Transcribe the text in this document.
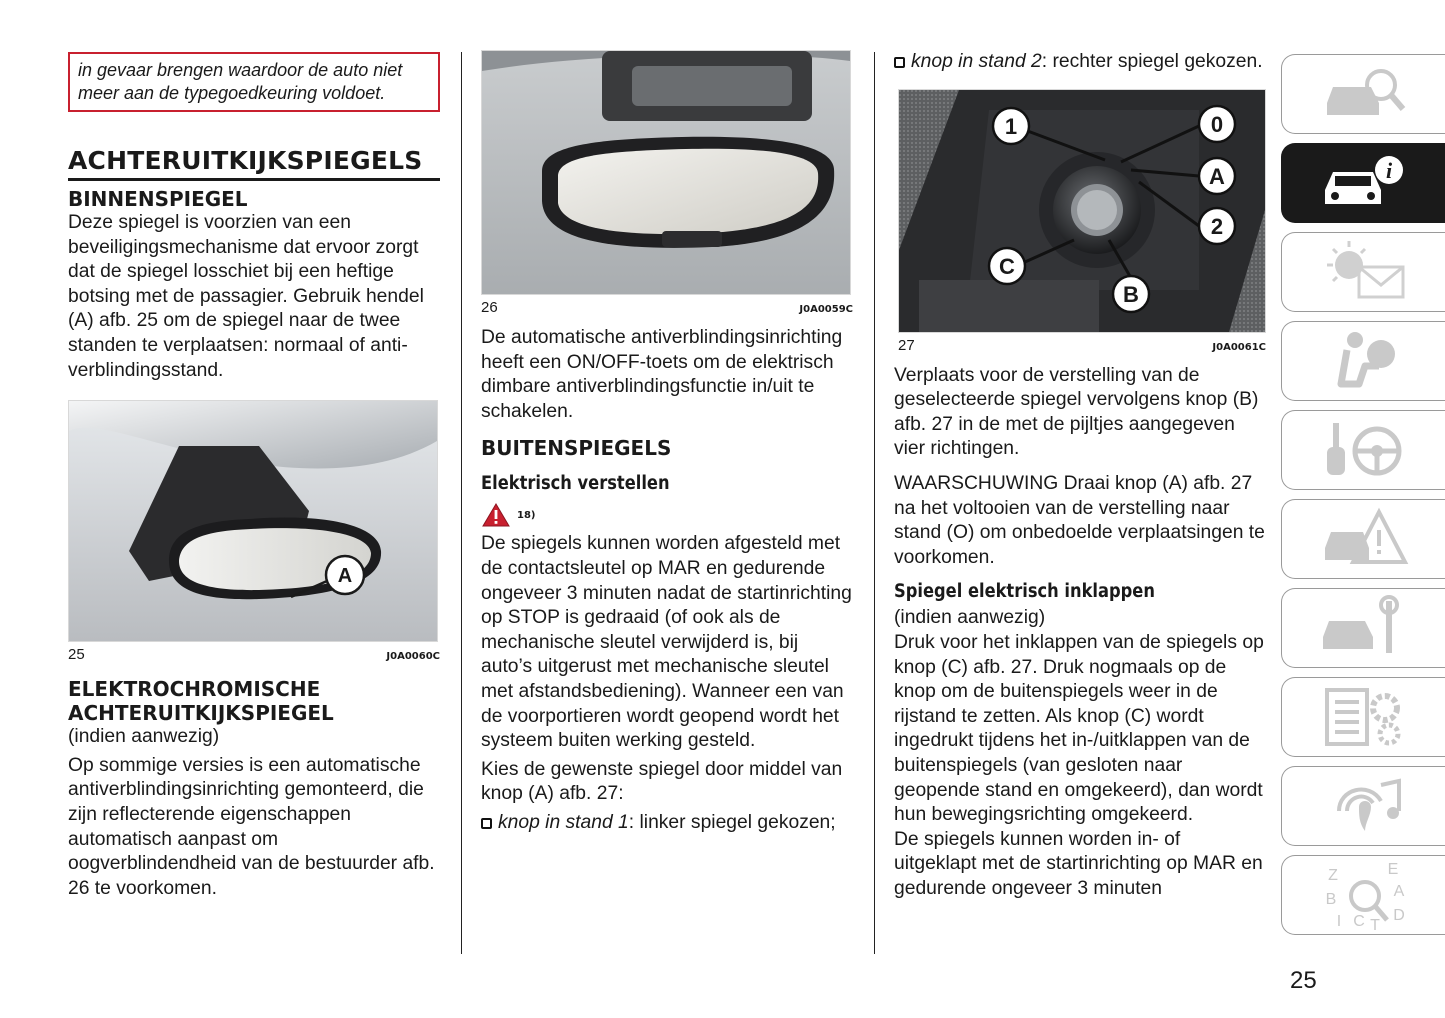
in gevaar brengen waardoor de auto niet meer aan de typegoedkeuring voldoet.
ACHTERUITKIJKSPIEGELS
BINNENSPIEGEL

Deze spiegel is voorzien van een beveiligingsmechanisme dat ervoor zorgt dat de spiegel losschiet bij een heftige botsing met de passagier. Gebruik hendel (A) afb. 25 om de spiegel naar de twee standen te verplaatsen: normaal of anti-verblindingsstand.

A
25	J0A0060C
ELEKTROCHROMISCHE
ACHTERUITKIJKSPIEGEL

(indien aanwezig)

Op sommige versies is een automatische antiverblindingsinrichting gemonteerd, die zijn reflecterende eigenschappen automatisch aanpast om oogverblindendheid van de bestuurder afb. 26 te voorkomen.

26	J0A0059C

De automatische antiverblindingsinrichting heeft een ON/OFF-toets om de elektrisch dimbare antiverblindingsfunctie in/uit te schakelen.

BUITENSPIEGELS
Elektrisch verstellen
18)

De spiegels kunnen worden afgesteld met de contactsleutel op MAR en gedurende ongeveer 3 minuten nadat de startinrichting op STOP is gedraaid (of ook als de mechanische sleutel verwijderd is, bij auto’s uitgerust met mechanische sleutel met afstandsbediening). Wanneer een van de voorportieren wordt geopend wordt het systeem buiten werking gesteld.

Kies de gewenste spiegel door middel van knop (A) afb. 27:

knop in stand 1: linker spiegel gekozen;

knop in stand 2: rechter spiegel gekozen.

1	0
A
2
C
B
27	J0A0061C

Verplaats voor de verstelling van de geselecteerde spiegel vervolgens knop (B) afb. 27 in de met de pijltjes aangegeven vier richtingen.

WAARSCHUWING Draai knop (A) afb. 27 na het voltooien van de verstelling naar stand (O) om onbedoelde verplaatsingen te voorkomen.

Spiegel elektrisch inklappen

(indien aanwezig)

Druk voor het inklappen van de spiegels op knop (C) afb. 27. Druk nogmaals op de knop om de buitenspiegels weer in de rijstand te zetten. Als knop (C) wordt ingedrukt tijdens het in-/uitklappen van de buitenspiegels (van gesloten naar geopende stand en omgekeerd), dan wordt hun bewegingsrichting omgekeerd.

De spiegels kunnen worden in- of uitgeklapt met de startinrichting op MAR en gedurende ongeveer 3 minuten

i
Z	E
B	A
I C T
D
25
